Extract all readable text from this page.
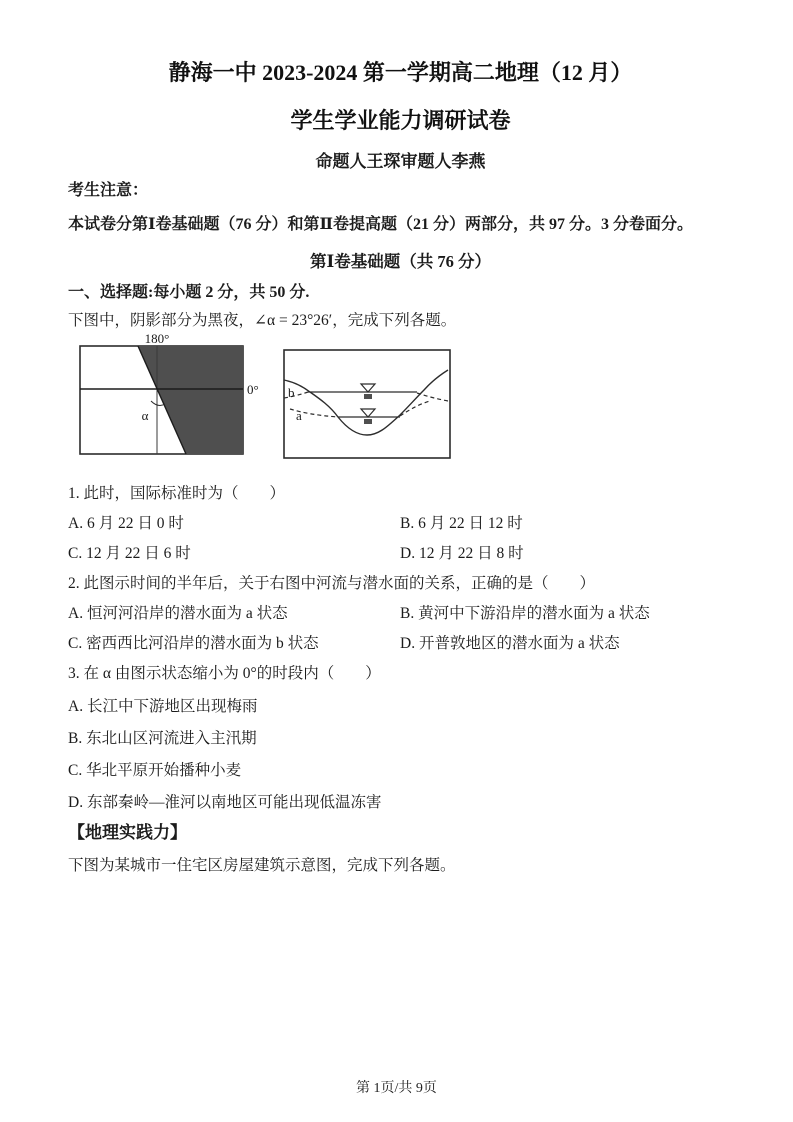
静海一中 2023-2024 第一学期高二地理（12 月）
学生学业能力调研试卷
命题人王琛审题人李燕
考生注意：
本试卷分第Ⅰ卷基础题（76 分）和第Ⅱ卷提高题（21 分）两部分，共 97 分。3 分卷面分。
第Ⅰ卷基础题（共 76 分）
一、选择题:每小题 2 分，共 50 分.
下图中，阴影部分为黑夜，∠α = 23°26′，完成下列各题。
180°
0°
α
b
a
1. 此时，国际标准时为（　　）
A. 6 月 22 日 0 时	B. 6 月 22 日 12 时
C. 12 月 22 日 6 时	D. 12 月 22 日 8 时
2. 此图示时间的半年后，关于右图中河流与潜水面的关系，正确的是（　　）
A. 恒河河沿岸的潜水面为 a 状态	B. 黄河中下游沿岸的潜水面为 a 状态
C. 密西西比河沿岸的潜水面为 b 状态	D. 开普敦地区的潜水面为 a 状态
3. 在 α 由图示状态缩小为 0°的时段内（　　）
A. 长江中下游地区出现梅雨
B. 东北山区河流进入主汛期
C. 华北平原开始播种小麦
D. 东部秦岭—淮河以南地区可能出现低温冻害
【地理实践力】
下图为某城市一住宅区房屋建筑示意图，完成下列各题。
第 1页/共 9页
